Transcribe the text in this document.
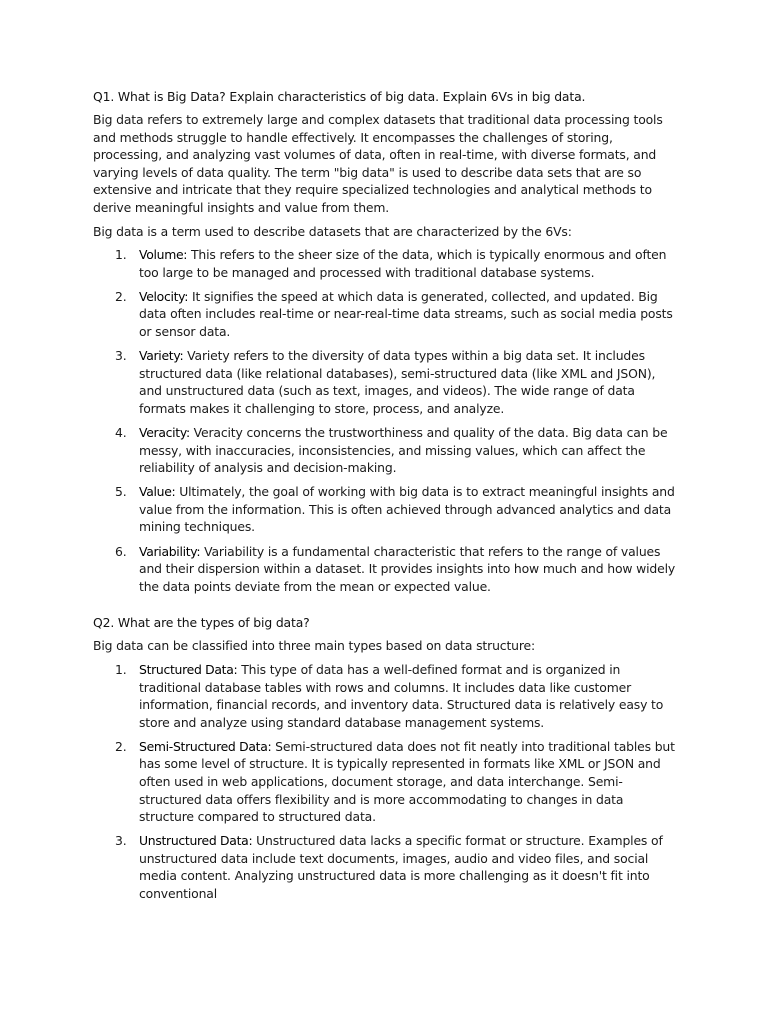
Q1. What is Big Data? Explain characteristics of big data. Explain 6Vs in big data.

Big data refers to extremely large and complex datasets that traditional data processing tools and methods struggle to handle effectively. It encompasses the challenges of storing, processing, and analyzing vast volumes of data, often in real-time, with diverse formats, and varying levels of data quality. The term "big data" is used to describe data sets that are so extensive and intricate that they require specialized technologies and analytical methods to derive meaningful insights and value from them.

Big data is a term used to describe datasets that are characterized by the 6Vs:

1. Volume: This refers to the sheer size of the data, which is typically enormous and often too large to be managed and processed with traditional database systems.
2. Velocity: It signifies the speed at which data is generated, collected, and updated. Big data often includes real-time or near-real-time data streams, such as social media posts or sensor data.
3. Variety: Variety refers to the diversity of data types within a big data set. It includes structured data (like relational databases), semi-structured data (like XML and JSON), and unstructured data (such as text, images, and videos). The wide range of data formats makes it challenging to store, process, and analyze.
4. Veracity: Veracity concerns the trustworthiness and quality of the data. Big data can be messy, with inaccuracies, inconsistencies, and missing values, which can affect the reliability of analysis and decision-making.
5. Value: Ultimately, the goal of working with big data is to extract meaningful insights and value from the information. This is often achieved through advanced analytics and data mining techniques.
6. Variability: Variability is a fundamental characteristic that refers to the range of values and their dispersion within a dataset. It provides insights into how much and how widely the data points deviate from the mean or expected value.
Q2. What are the types of big data?

Big data can be classified into three main types based on data structure:

1. Structured Data: This type of data has a well-defined format and is organized in traditional database tables with rows and columns. It includes data like customer information, financial records, and inventory data. Structured data is relatively easy to store and analyze using standard database management systems.
2. Semi-Structured Data: Semi-structured data does not fit neatly into traditional tables but has some level of structure. It is typically represented in formats like XML or JSON and often used in web applications, document storage, and data interchange. Semi-structured data offers flexibility and is more accommodating to changes in data structure compared to structured data.
3. Unstructured Data: Unstructured data lacks a specific format or structure. Examples of unstructured data include text documents, images, audio and video files, and social media content. Analyzing unstructured data is more challenging as it doesn't fit into conventional
